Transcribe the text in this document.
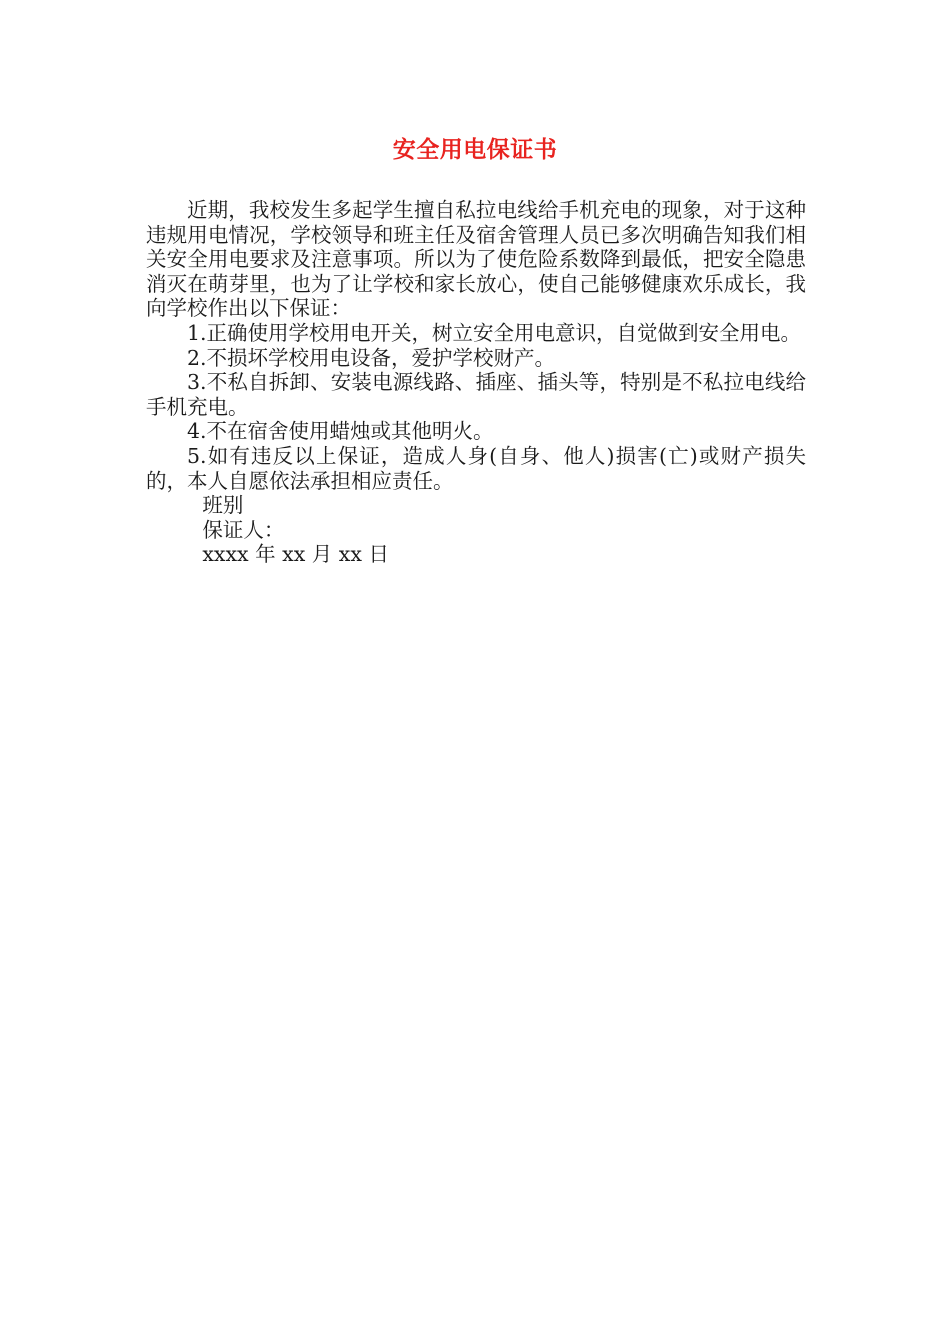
安全用电保证书

近期，我校发生多起学生擅自私拉电线给手机充电的现象，对于这种违规用电情况，学校领导和班主任及宿舍管理人员已多次明确告知我们相关安全用电要求及注意事项。所以为了使危险系数降到最低，把安全隐患消灭在萌芽里，也为了让学校和家长放心，使自己能够健康欢乐成长，我向学校作出以下保证：

1.正确使用学校用电开关，树立安全用电意识，自觉做到安全用电。

2.不损坏学校用电设备，爱护学校财产。

3.不私自拆卸、安装电源线路、插座、插头等，特别是不私拉电线给手机充电。

4.不在宿舍使用蜡烛或其他明火。

5.如有违反以上保证，造成人身(自身、他人)损害(亡)或财产损失的，本人自愿依法承担相应责任。

班别

保证人：

xxxx 年 xx 月 xx 日
